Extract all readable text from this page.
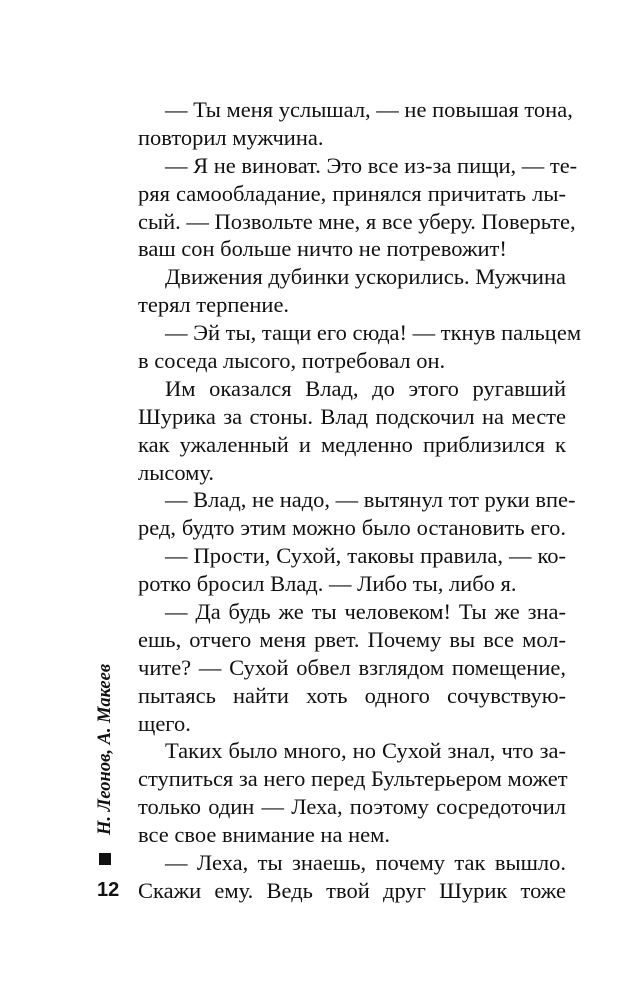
— Ты меня услышал, — не повышая тона,
повторил мужчина.
— Я не виноват. Это все из-за пищи, — те-
ряя самообладание, принялся причитать лы-
сый. — Позвольте мне, я все уберу. Поверьте,
ваш сон больше ничто не потревожит!
Движения дубинки ускорились. Мужчина
терял терпение.
— Эй ты, тащи его сюда! — ткнув пальцем
в соседа лысого, потребовал он.
Им оказался Влад, до этого ругавший
Шурика за стоны. Влад подскочил на месте
как ужаленный и медленно приблизился к
лысому.
— Влад, не надо, — вытянул тот руки впе-
ред, будто этим можно было остановить его.
— Прости, Сухой, таковы правила, — ко-
ротко бросил Влад. — Либо ты, либо я.
— Да будь же ты человеком! Ты же зна-
ешь, отчего меня рвет. Почему вы все мол-
чите? — Сухой обвел взглядом помещение,
пытаясь найти хоть одного сочувствую-
щего.
Таких было много, но Сухой знал, что за-
ступиться за него перед Бультерьером может
только один — Леха, поэтому сосредоточил
все свое внимание на нем.
— Леха, ты знаешь, почему так вышло.
Скажи ему. Ведь твой друг Шурик тоже
Н. Леонов, А. Макеев
12
